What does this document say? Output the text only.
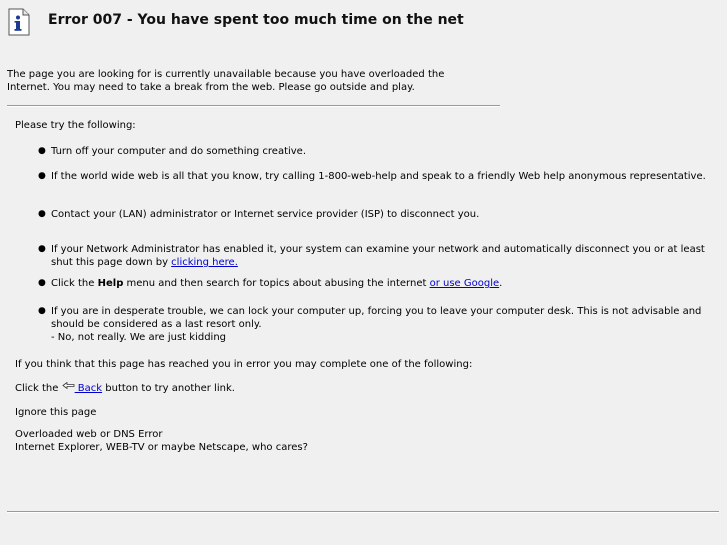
Error 007 - You have spent too much time on the net
The page you are looking for is currently unavailable because you have overloaded the
Internet. You may need to take a break from the web. Please go outside and play.
Please try the following:
● Turn off your computer and do something creative.
● If the world wide web is all that you know, try calling 1-800-web-help and speak to a friendly Web help anonymous representative.
● Contact your (LAN) administrator or Internet service provider (ISP) to disconnect you.
● If your Network Administrator has enabled it, your system can examine your network and automatically disconnect you or at least shut this page down by clicking here.
● Click the Help menu and then search for topics about abusing the internet or use Google.
● If you are in desperate trouble, we can lock your computer up, forcing you to leave your computer desk. This is not advisable and should be considered as a last resort only.
- No, not really. We are just kidding
If you think that this page has reached you in error you may complete one of the following:
Click the  Back button to try another link.
Ignore this page
Overloaded web or DNS Error
Internet Explorer, WEB-TV or maybe Netscape, who cares?
